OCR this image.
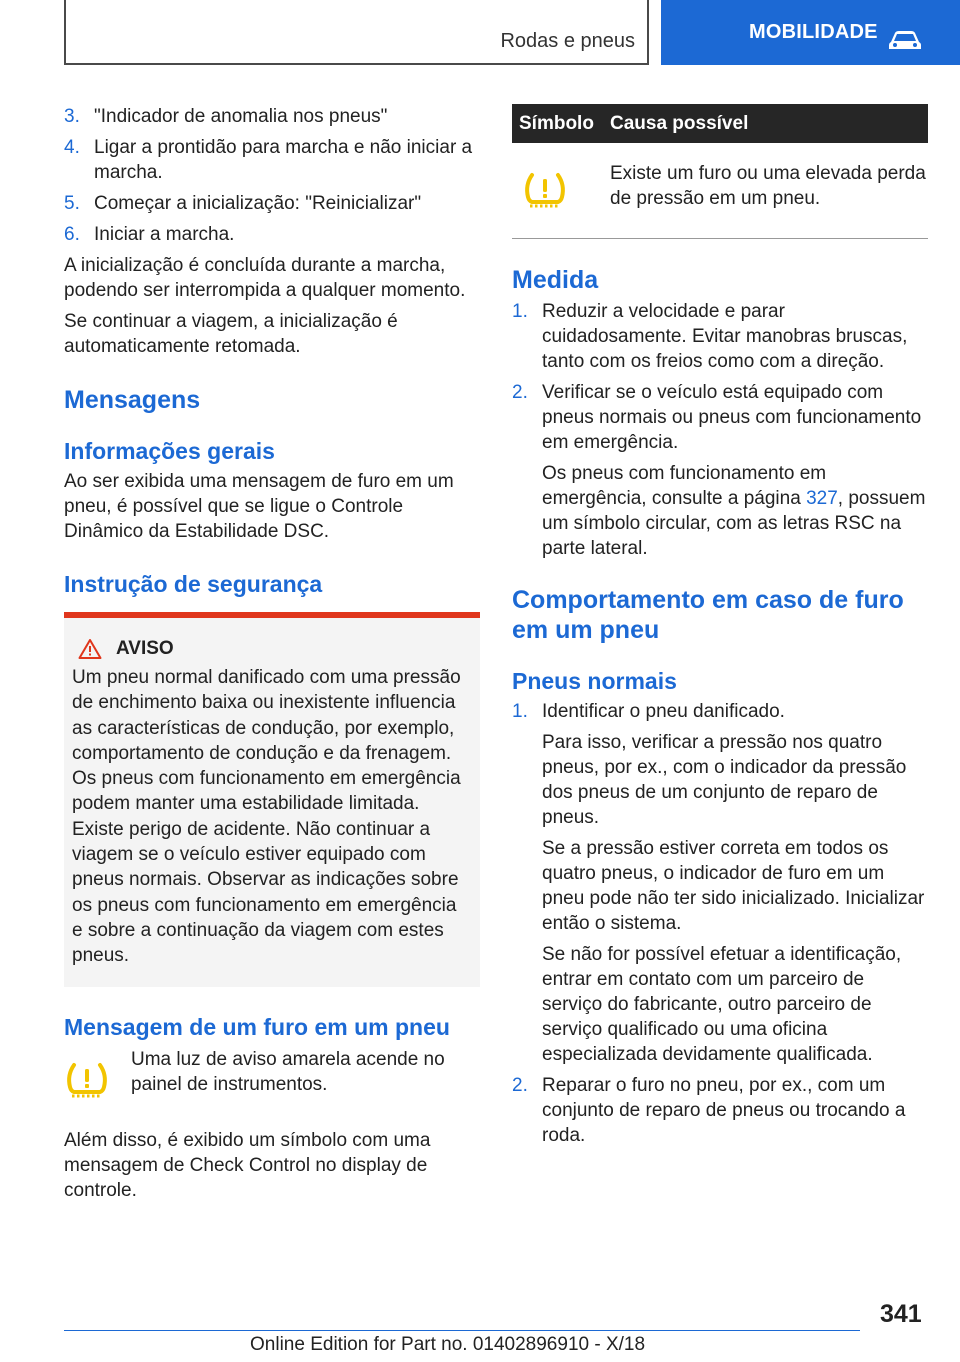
Rodas e pneus	MOBILIDADE
3. "Indicador de anomalia nos pneus"
4. Ligar a prontidão para marcha e não iniciar a marcha.
5. Começar a inicialização: "Reinicializar"
6. Iniciar a marcha.

A inicialização é concluída durante a marcha, podendo ser interrompida a qualquer momento.

Se continuar a viagem, a inicialização é automaticamente retomada.

Mensagens
Informações gerais

Ao ser exibida uma mensagem de furo em um pneu, é possível que se ligue o Controle Dinâmico da Estabilidade DSC.

Instrução de segurança
AVISO

Um pneu normal danificado com uma pressão de enchimento baixa ou inexistente influencia as características de condução, por exemplo, comportamento de condução e da frenagem. Os pneus com funcionamento em emergência podem manter uma estabilidade limitada. Existe perigo de acidente. Não continuar a viagem se o veículo estiver equipado com pneus normais. Observar as indicações sobre os pneus com funcionamento em emergência e sobre a continuação da viagem com estes pneus.

Mensagem de um furo em um pneu

Uma luz de aviso amarela acende no painel de instrumentos.

Além disso, é exibido um símbolo com uma mensagem de Check Control no display de controle.

Símbolo Causa possível

Existe um furo ou uma elevada perda de pressão em um pneu.

Medida
1. Reduzir a velocidade e parar cuidadosamente. Evitar manobras bruscas, tanto com os freios como com a direção.
2. Verificar se o veículo está equipado com pneus normais ou pneus com funcionamento em emergência.

Os pneus com funcionamento em emergência, consulte a página 327, possuem um símbolo circular, com as letras RSC na parte lateral.

Comportamento em caso de furo em um pneu
Pneus normais
1. Identificar o pneu danificado.

Para isso, verificar a pressão nos quatro pneus, por ex., com o indicador da pressão dos pneus de um conjunto de reparo de pneus.

Se a pressão estiver correta em todos os quatro pneus, o indicador de furo em um pneu pode não ter sido inicializado. Inicializar então o sistema.

Se não for possível efetuar a identificação, entrar em contato com um parceiro de serviço do fabricante, outro parceiro de serviço qualificado ou uma oficina especializada devidamente qualificada.

2. Reparar o furo no pneu, por ex., com um conjunto de reparo de pneus ou trocando a roda.
341
Online Edition for Part no. 01402896910 - X/18
